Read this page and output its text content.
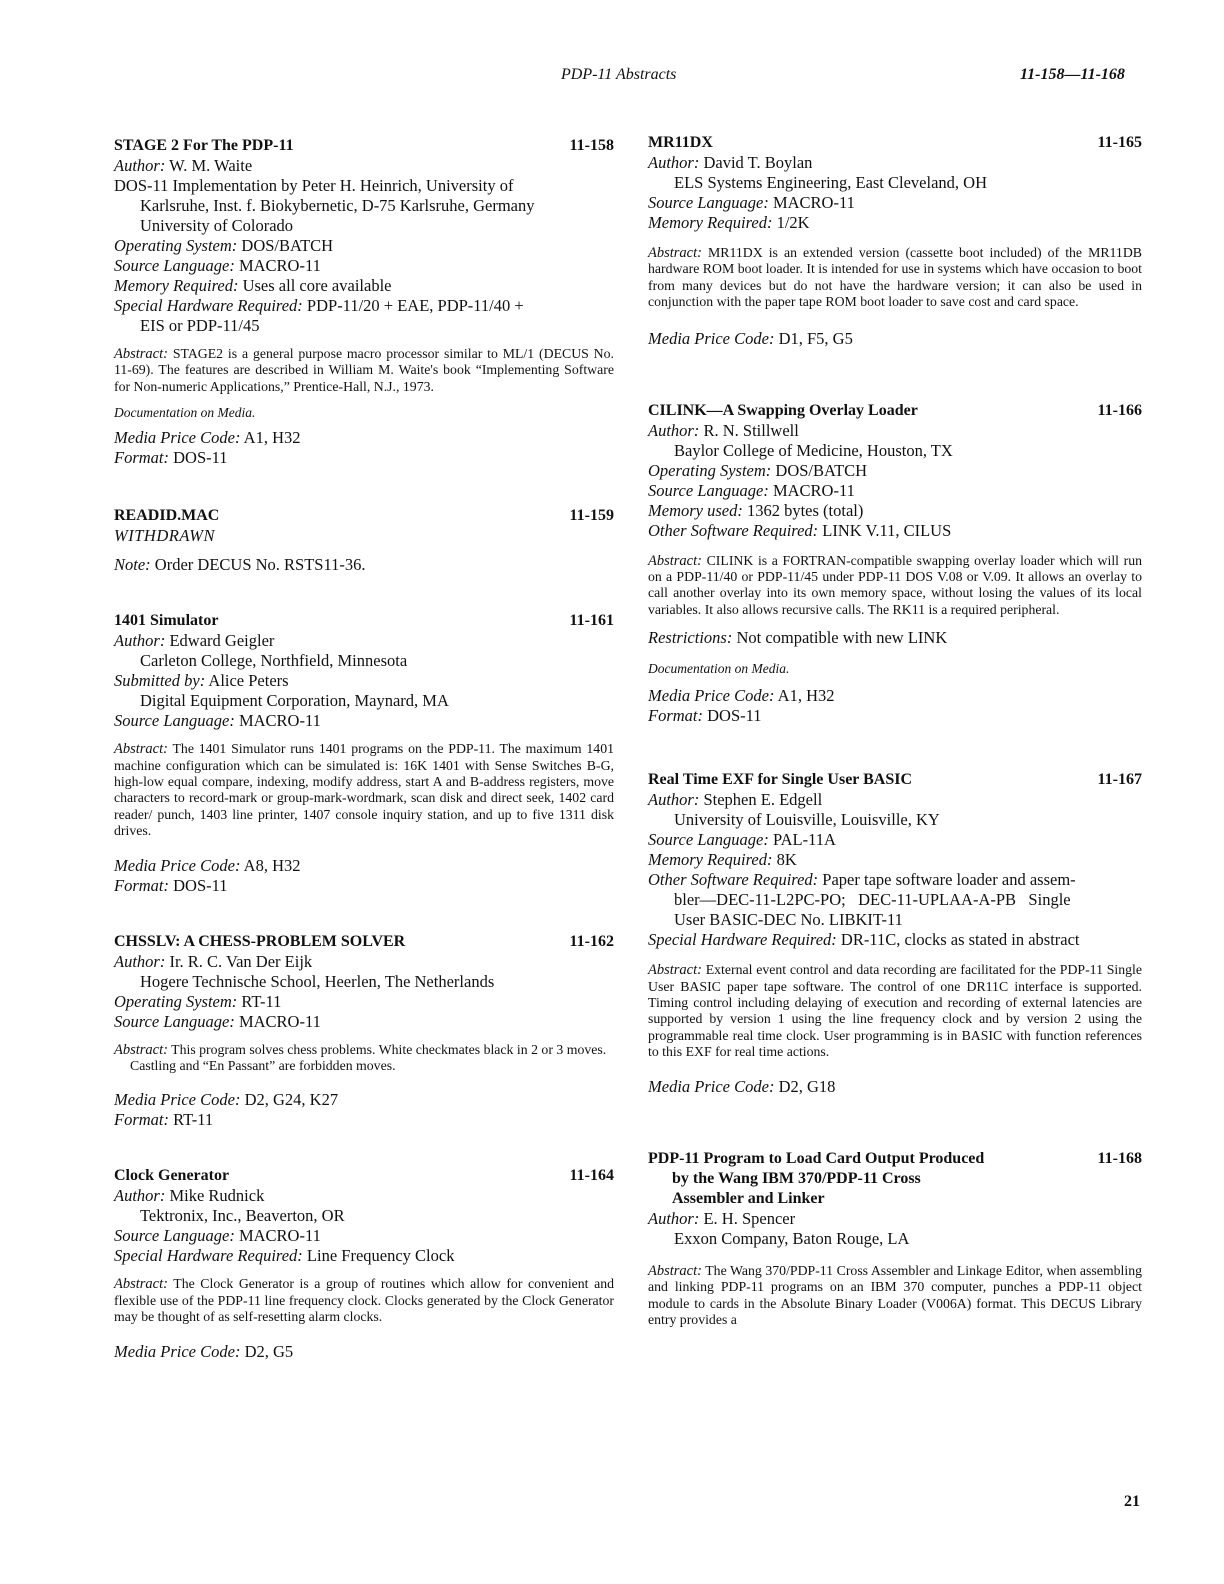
PDP-11 Abstracts	11-158—11-168
STAGE 2 For The PDP-11	11-158
Author: W. M. Waite
DOS-11 Implementation by Peter H. Heinrich, University of
Karlsruhe, Inst. f. Biokybernetic, D-75 Karlsruhe, Germany
University of Colorado
Operating System: DOS/BATCH
Source Language: MACRO-11
Memory Required: Uses all core available
Special Hardware Required: PDP-11/20 + EAE, PDP-11/40 +
EIS or PDP-11/45
Abstract: STAGE2 is a general purpose macro processor similar to ML/1 (DECUS No. 11-69). The features are described in William M. Waite's book “Implementing Software for Non-numeric Applications,” Prentice-Hall, N.J., 1973.
Documentation on Media.
Media Price Code: A1, H32
Format: DOS-11
READID.MAC	11-159
WITHDRAWN
Note: Order DECUS No. RSTS11-36.
1401 Simulator	11-161
Author: Edward Geigler
Carleton College, Northfield, Minnesota
Submitted by: Alice Peters
Digital Equipment Corporation, Maynard, MA
Source Language: MACRO-11
Abstract: The 1401 Simulator runs 1401 programs on the PDP-11. The maximum 1401 machine configuration which can be simulated is: 16K 1401 with Sense Switches B-G, high-low equal compare, indexing, modify address, start A and B-address registers, move characters to record-mark or group-mark-wordmark, scan disk and direct seek, 1402 card reader/ punch, 1403 line printer, 1407 console inquiry station, and up to five 1311 disk drives.
Media Price Code: A8, H32
Format: DOS-11
CHSSLV: A CHESS-PROBLEM SOLVER	11-162
Author: Ir. R. C. Van Der Eijk
Hogere Technische School, Heerlen, The Netherlands
Operating System: RT-11
Source Language: MACRO-11
Abstract: This program solves chess problems. White checkmates black in 2 or 3 moves.
Castling and “En Passant” are forbidden moves.
Media Price Code: D2, G24, K27
Format: RT-11
Clock Generator	11-164
Author: Mike Rudnick
Tektronix, Inc., Beaverton, OR
Source Language: MACRO-11
Special Hardware Required: Line Frequency Clock
Abstract: The Clock Generator is a group of routines which allow for convenient and flexible use of the PDP-11 line frequency clock. Clocks generated by the Clock Generator may be thought of as self-resetting alarm clocks.
Media Price Code: D2, G5
MR11DX	11-165
Author: David T. Boylan
ELS Systems Engineering, East Cleveland, OH
Source Language: MACRO-11
Memory Required: 1/2K
Abstract: MR11DX is an extended version (cassette boot included) of the MR11DB hardware ROM boot loader. It is intended for use in systems which have occasion to boot from many devices but do not have the hardware version; it can also be used in conjunction with the paper tape ROM boot loader to save cost and card space.
Media Price Code: D1, F5, G5
CILINK—A Swapping Overlay Loader	11-166
Author: R. N. Stillwell
Baylor College of Medicine, Houston, TX
Operating System: DOS/BATCH
Source Language: MACRO-11
Memory used: 1362 bytes (total)
Other Software Required: LINK V.11, CILUS
Abstract: CILINK is a FORTRAN-compatible swapping overlay loader which will run on a PDP-11/40 or PDP-11/45 under PDP-11 DOS V.08 or V.09. It allows an overlay to call another overlay into its own memory space, without losing the values of its local variables. It also allows recursive calls. The RK11 is a required peripheral.
Restrictions: Not compatible with new LINK
Documentation on Media.
Media Price Code: A1, H32
Format: DOS-11
Real Time EXF for Single User BASIC	11-167
Author: Stephen E. Edgell
University of Louisville, Louisville, KY
Source Language: PAL-11A
Memory Required: 8K
Other Software Required: Paper tape software loader and assem-
bler—DEC-11-L2PC-PO;   DEC-11-UPLAA-A-PB   Single
User BASIC-DEC No. LIBKIT-11
Special Hardware Required: DR-11C, clocks as stated in abstract
Abstract: External event control and data recording are facilitated for the PDP-11 Single User BASIC paper tape software. The control of one DR11C interface is supported. Timing control including delaying of execution and recording of external latencies are supported by version 1 using the line frequency clock and by version 2 using the programmable real time clock. User programming is in BASIC with function references to this EXF for real time actions.
Media Price Code: D2, G18
PDP-11 Program to Load Card Output Produced	11-168
by the Wang IBM 370/PDP-11 Cross
Assembler and Linker
Author: E. H. Spencer
Exxon Company, Baton Rouge, LA
Abstract: The Wang 370/PDP-11 Cross Assembler and Linkage Editor, when assembling and linking PDP-11 programs on an IBM 370 computer, punches a PDP-11 object module to cards in the Absolute Binary Loader (V006A) format. This DECUS Library entry provides a
21
